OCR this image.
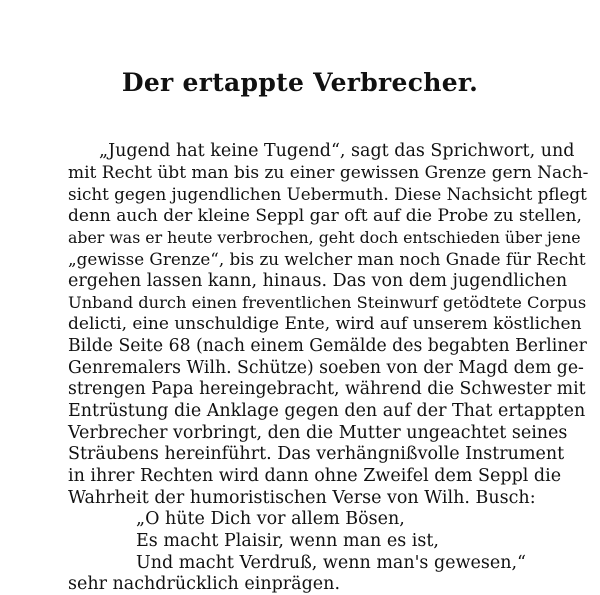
Der ertappte Verbrecher.
„Jugend hat keine Tugend“, sagt das Sprichwort, und
mit Recht übt man bis zu einer gewissen Grenze gern Nach-
sicht gegen jugendlichen Uebermuth. Diese Nachsicht pflegt
denn auch der kleine Seppl gar oft auf die Probe zu stellen,
aber was er heute verbrochen, geht doch entschieden über jene
„gewisse Grenze“, bis zu welcher man noch Gnade für Recht
ergehen lassen kann, hinaus. Das von dem jugendlichen
Unband durch einen freventlichen Steinwurf getödtete Corpus
delicti, eine unschuldige Ente, wird auf unserem köstlichen
Bilde Seite 68 (nach einem Gemälde des begabten Berliner
Genremalers Wilh. Schütze) soeben von der Magd dem ge-
strengen Papa hereingebracht, während die Schwester mit
Entrüstung die Anklage gegen den auf der That ertappten
Verbrecher vorbringt, den die Mutter ungeachtet seines
Sträubens hereinführt. Das verhängnißvolle Instrument
in ihrer Rechten wird dann ohne Zweifel dem Seppl die
Wahrheit der humoristischen Verse von Wilh. Busch:
„O hüte Dich vor allem Bösen,
Es macht Plaisir, wenn man es ist,
Und macht Verdruß, wenn man's gewesen,“
sehr nachdrücklich einprägen.
